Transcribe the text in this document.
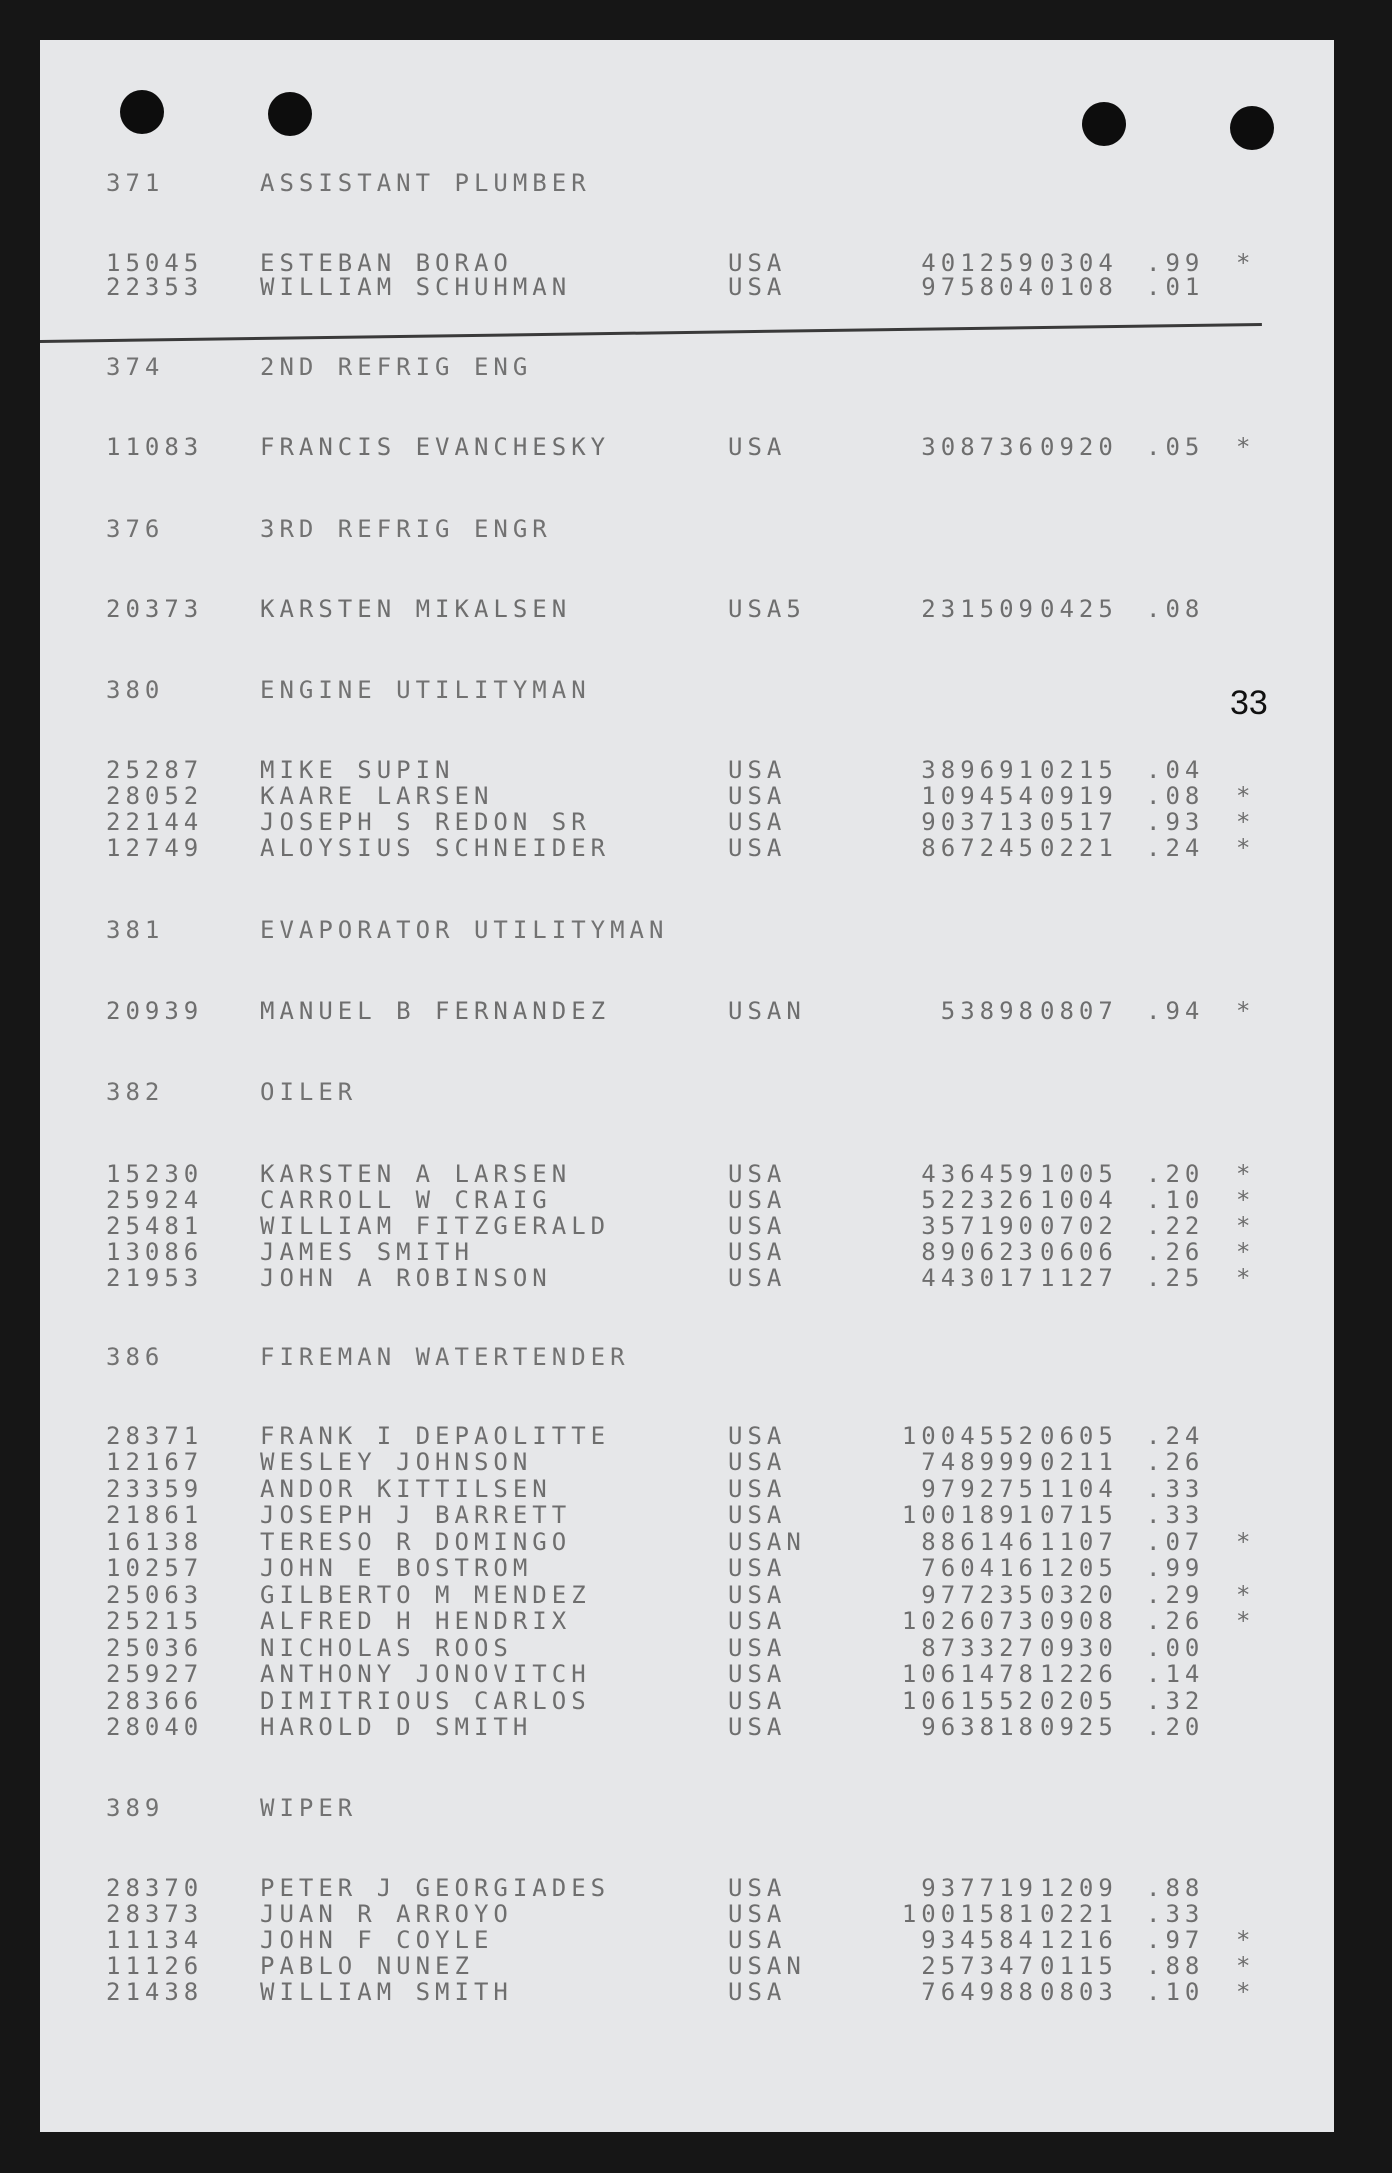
33
371	ASSISTANT PLUMBER
15045 ESTEBAN BORAO	USA	401259 0304 .99 *
22353 WILLIAM SCHUHMAN	USA	975804 0108 .01
374	2ND REFRIG ENG
11083 FRANCIS EVANCHESKY	USA	308736 0920 .05 *
376	3RD REFRIG ENGR
20373 KARSTEN MIKALSEN	USA5	231509 0425 .08
380	ENGINE UTILITYMAN
25287 MIKE SUPIN	USA	389691 0215 .04
28052 KAARE LARSEN	USA	109454 0919 .08 *
22144 JOSEPH S REDON SR	USA	903713 0517 .93 *
12749 ALOYSIUS SCHNEIDER	USA	867245 0221 .24 *
381	EVAPORATOR UTILITYMAN
20939 MANUEL B FERNANDEZ	USAN	53898 0807 .94 *
382	OILER
15230 KARSTEN A LARSEN	USA	436459 1005 .20 *
25924 CARROLL W CRAIG	USA	522326 1004 .10 *
25481 WILLIAM FITZGERALD	USA	357190 0702 .22 *
13086 JAMES SMITH	USA	890623 0606 .26 *
21953 JOHN A ROBINSON	USA	443017 1127 .25 *
386	FIREMAN WATERTENDER
28371 FRANK I DEPAOLITTE	USA	1004552 0605 .24
12167 WESLEY JOHNSON	USA	748999 0211 .26
23359 ANDOR KITTILSEN	USA	979275 1104 .33
21861 JOSEPH J BARRETT	USA	1001891 0715 .33
16138 TERESO R DOMINGO	USAN	886146 1107 .07 *
10257 JOHN E BOSTROM	USA	760416 1205 .99
25063 GILBERTO M MENDEZ	USA	977235 0320 .29 *
25215 ALFRED H HENDRIX	USA	1026073 0908 .26 *
25036 NICHOLAS ROOS	USA	873327 0930 .00
25927 ANTHONY JONOVITCH	USA	1061478 1226 .14
28366 DIMITRIOUS CARLOS	USA	1061552 0205 .32
28040 HAROLD D SMITH	USA	963818 0925 .20
389	WIPER
28370 PETER J GEORGIADES	USA	937719 1209 .88
28373 JUAN R ARROYO	USA	1001581 0221 .33
11134 JOHN F COYLE	USA	934584 1216 .97 *
11126 PABLO NUNEZ	USAN	257347 0115 .88 *
21438 WILLIAM SMITH	USA	764988 0803 .10 *
